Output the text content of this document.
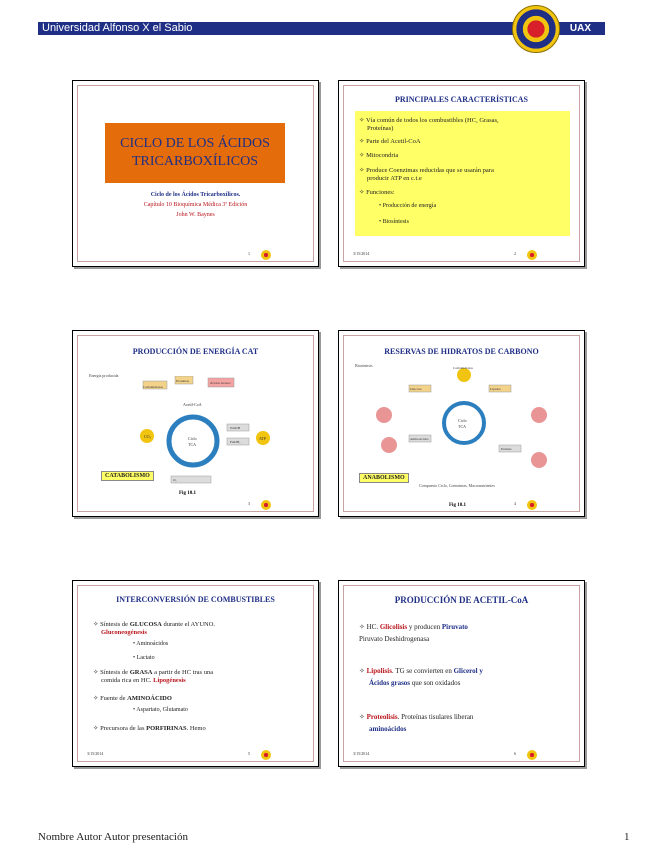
Universidad Alfonso X el Sabio	UAX
CICLO DE LOS ÁCIDOS
TRICARBOXÍLICOS
Ciclo de los Ácidos Tricarboxílicos.
Capítulo 10 Bioquímica Médica 3ª Edición
John W. Baynes
1
PRINCIPALES CARACTERÍSTICAS
✧ Vía común de todos los combustibles (HC, Grasas,
Proteínas)
✧ Parte del Acetil-CoA
✧ Mitocondria
✧ Produce Coenzimas reducidas que se usarán para
producir ATP en c.t.e
✧ Funciones:
• Producción de energía
• Biosíntesis
3/15/2014	2
PRODUCCIÓN DE ENERGÍA CAT
Energía producida
Carbohidratos
Proteínas	Ácidos Grasos
Acetil-CoA
Ciclo
TCA
NADH
FADH₂
ATP
CO₂
O₂
CATABOLISMO
Fig 10.1
3
RESERVAS DE HIDRATOS DE CARBONO
Biosíntesis	Carbohidratos
Ciclo
TCA
Aminoácidos
Lípidos
Glucosa
Purinas
ANABOLISMO
Compuesto Ciclo, Coenzimas, Macronutrientes
Fig 10.1	4
INTERCONVERSIÓN DE COMBUSTIBLES
✧ Síntesis de GLUCOSA durante el AYUNO.
Gluconeogénesis
• Aminoácidos
• Lactato
✧ Síntesis de GRASA a partir de HC tras una
comida rica en HC. Lipogénesis
✧ Fuente de AMINOÁCIDO
• Aspartato, Glutamato
✧ Precursora de las PORFIRINAS. Hemo
3/15/2014	5
PRODUCCIÓN DE ACETIL-CoA
✧ HC. Glicolisis y producen Piruvato
Piruvato Deshidrogenasa
✧ Lipolisis. TG se convierten en Glicerol y
Ácidos grasos que son oxidados
✧ Proteolisis. Proteínas tisulares liberan
aminoácidos
3/15/2014	6
Nombre Autor Autor presentación	1
